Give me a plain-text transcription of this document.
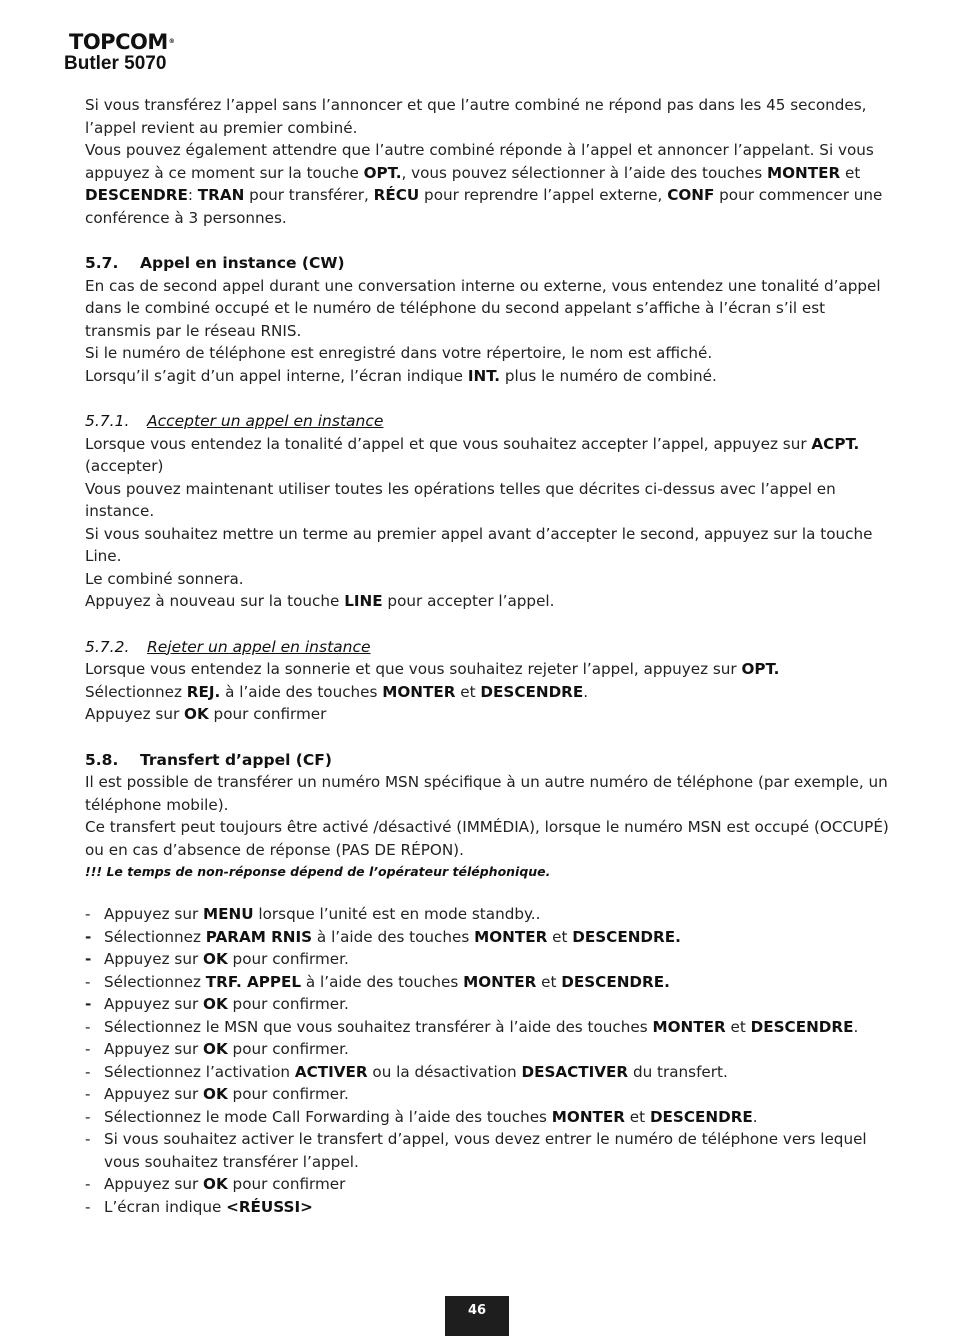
TOPCOM®
Butler 5070

Si vous transférez l’appel sans l’annoncer et que l’autre combiné ne répond pas dans les 45 secondes, l’appel revient au premier combiné.

Vous pouvez également attendre que l’autre combiné réponde à l’appel et annoncer l’appelant. Si vous appuyez à ce moment sur la touche OPT., vous pouvez sélectionner à l’aide des touches MONTER et DESCENDRE: TRAN pour transférer, RÉCU pour reprendre l’appel externe, CONF pour commencer une conférence à 3 personnes.

5.7. Appel en instance (CW)

En cas de second appel durant une conversation interne ou externe, vous entendez une tonalité d’appel dans le combiné occupé et le numéro de téléphone du second appelant s’affiche à l’écran s’il est transmis par le réseau RNIS.

Si le numéro de téléphone est enregistré dans votre répertoire, le nom est affiché.

Lorsqu’il s’agit d’un appel interne, l’écran indique INT. plus le numéro de combiné.

5.7.1. Accepter un appel en instance

Lorsque vous entendez la tonalité d’appel et que vous souhaitez accepter l’appel, appuyez sur ACPT.
(accepter)

Vous pouvez maintenant utiliser toutes les opérations telles que décrites ci-dessus avec l’appel en instance.

Si vous souhaitez mettre un terme au premier appel avant d’accepter le second, appuyez sur la touche Line.

Le combiné sonnera.

Appuyez à nouveau sur la touche LINE pour accepter l’appel.

5.7.2. Rejeter un appel en instance

Lorsque vous entendez la sonnerie et que vous souhaitez rejeter l’appel, appuyez sur OPT.

Sélectionnez REJ. à l’aide des touches MONTER et DESCENDRE.

Appuyez sur OK pour confirmer

5.8. Transfert d’appel (CF)

Il est possible de transférer un numéro MSN spécifique à un autre numéro de téléphone (par exemple, un téléphone mobile).

Ce transfert peut toujours être activé /désactivé (IMMÉDIA), lorsque le numéro MSN est occupé (OCCUPÉ) ou en cas d’absence de réponse (PAS DE RÉPON).

!!! Le temps de non-réponse dépend de l’opérateur téléphonique.
- Appuyez sur MENU lorsque l’unité est en mode standby..
- Sélectionnez PARAM RNIS à l’aide des touches MONTER et DESCENDRE.
- Appuyez sur OK pour confirmer.
- Sélectionnez TRF. APPEL à l’aide des touches MONTER et DESCENDRE.
- Appuyez sur OK pour confirmer.
- Sélectionnez le MSN que vous souhaitez transférer à l’aide des touches MONTER et DESCENDRE.
- Appuyez sur OK pour confirmer.
- Sélectionnez l’activation ACTIVER ou la désactivation DESACTIVER du transfert.
- Appuyez sur OK pour confirmer.
- Sélectionnez le mode Call Forwarding à l’aide des touches MONTER et DESCENDRE.
- Si vous souhaitez activer le transfert d’appel, vous devez entrer le numéro de téléphone vers lequel vous souhaitez transférer l’appel.
- Appuyez sur OK pour confirmer
- L’écran indique <RÉUSSI>
46
